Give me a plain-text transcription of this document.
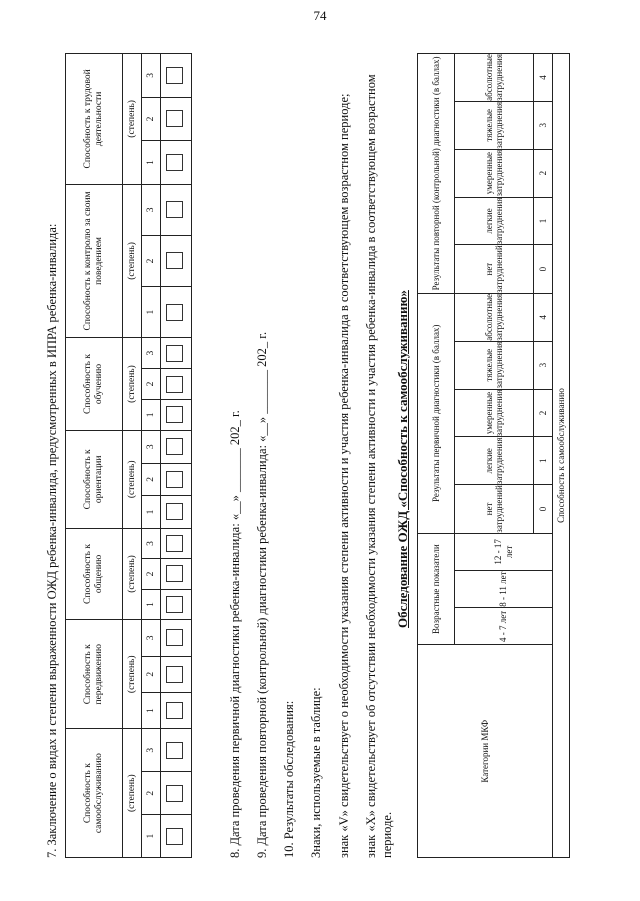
74
7. Заключение о видах и степени выраженности ОЖД ребенка-инвалида, предусмотренных в ИПРА ребенка-инвалида:	Способность к самообслуживанию			Способность к передвижению			Способность к общению			Способность к ориентации			Способность к обучению			Способность к контролю за своим поведением			Способность к трудовой деятельности		
(степень)			(степень)			(степень)			(степень)			(степень)			(степень)			(степень)		
1	2	3	1	2	3	1	2	3	1	2	3	1	2	3	1	2	3	1	2	3

8. Дата проведения первичной диагностики ребенка-инвалида: «__» _______ 202_ г. 9. Дата проведения повторной (контрольной) диагностики ребенка-инвалида: «__» _______ 202_ г. 10. Результаты обследования: Знаки, используемые в таблице: знак «V» свидетельствует о необходимости указания степени активности и участия ребенка-инвалида в соответствующем возрастном периоде; знак «X» свидетельствует об отсутствии необходимости указания степени активности и участия ребенка-инвалида в соответствующем возрастном периоде.
Обследование ОЖД «Способность к самообслуживанию»
Категории МКФ	Возрастные показатели			Результаты первичной диагностики (в баллах)					Результаты повторной (контрольной) диагностики (в баллах)				
	4 - 7 лет	8 - 11 лет	12 - 17 лет	нет затруднений	легкие затруднения	умеренные затруднения	тяжелые затруднения	абсолютные затруднения	нет затруднений	легкие затруднения	умеренные затруднения	тяжелые затруднения	абсолютные затруднения
				0	1	2	3	4	0	1	2	3	4
Способность к самообслуживанию													
